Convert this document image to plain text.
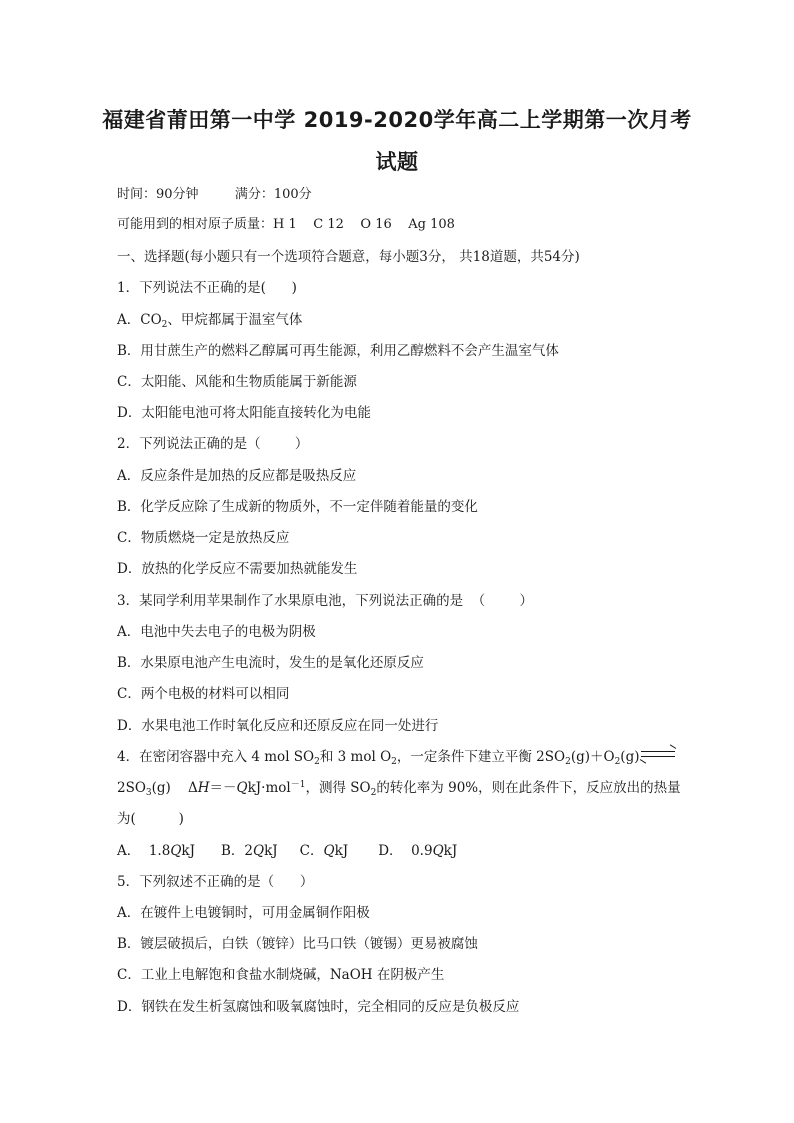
福建省莆田第一中学 2019-2020学年高二上学期第一次月考
试题
时间：90分钟	满分：100分
可能用到的相对原子质量：H 1    C 12    O 16    Ag 108
一、选择题(每小题只有一个选项符合题意，每小题3分， 共18道题，共54分)
1．下列说法不正确的是(      )
A．$CO_2$、甲烷都属于温室气体
B．用甘蔗生产的燃料乙醇属可再生能源，利用乙醇燃料不会产生温室气体
C．太阳能、风能和生物质能属于新能源
D．太阳能电池可将太阳能直接转化为电能
2．下列说法正确的是（        ）
A．反应条件是加热的反应都是吸热反应
B．化学反应除了生成新的物质外，不一定伴随着能量的变化
C．物质燃烧一定是放热反应
D．放热的化学反应不需要加热就能发生
3．某同学利用苹果制作了水果原电池，下列说法正确的是  （        ）
A．电池中失去电子的电极为阴极
B．水果原电池产生电流时，发生的是氧化还原反应
C．两个电极的材料可以相同
D．水果电池工作时氧化反应和还原反应在同一处进行
4．在密闭容器中充入 4 mol $SO_2$和 3 mol $O_2$，一定条件下建立平衡 $2SO_2(g)+O_2(g)$ ⇌
$2SO_3(g)$    ΔH＝－QkJ·mol$^{-1}$，测得 $SO_2$的转化率为 90%，则在此条件下，反应放出的热量
为(          )
A．  1.8QkJ B．2QkJ C．QkJ D．  0.9QkJ
5．下列叙述不正确的是（      ）
A．在镀件上电镀铜时，可用金属铜作阳极
B．镀层破损后，白铁（镀锌）比马口铁（镀锡）更易被腐蚀
C．工业上电解饱和食盐水制烧碱，NaOH 在阴极产生
D．钢铁在发生析氢腐蚀和吸氧腐蚀时，完全相同的反应是负极反应
